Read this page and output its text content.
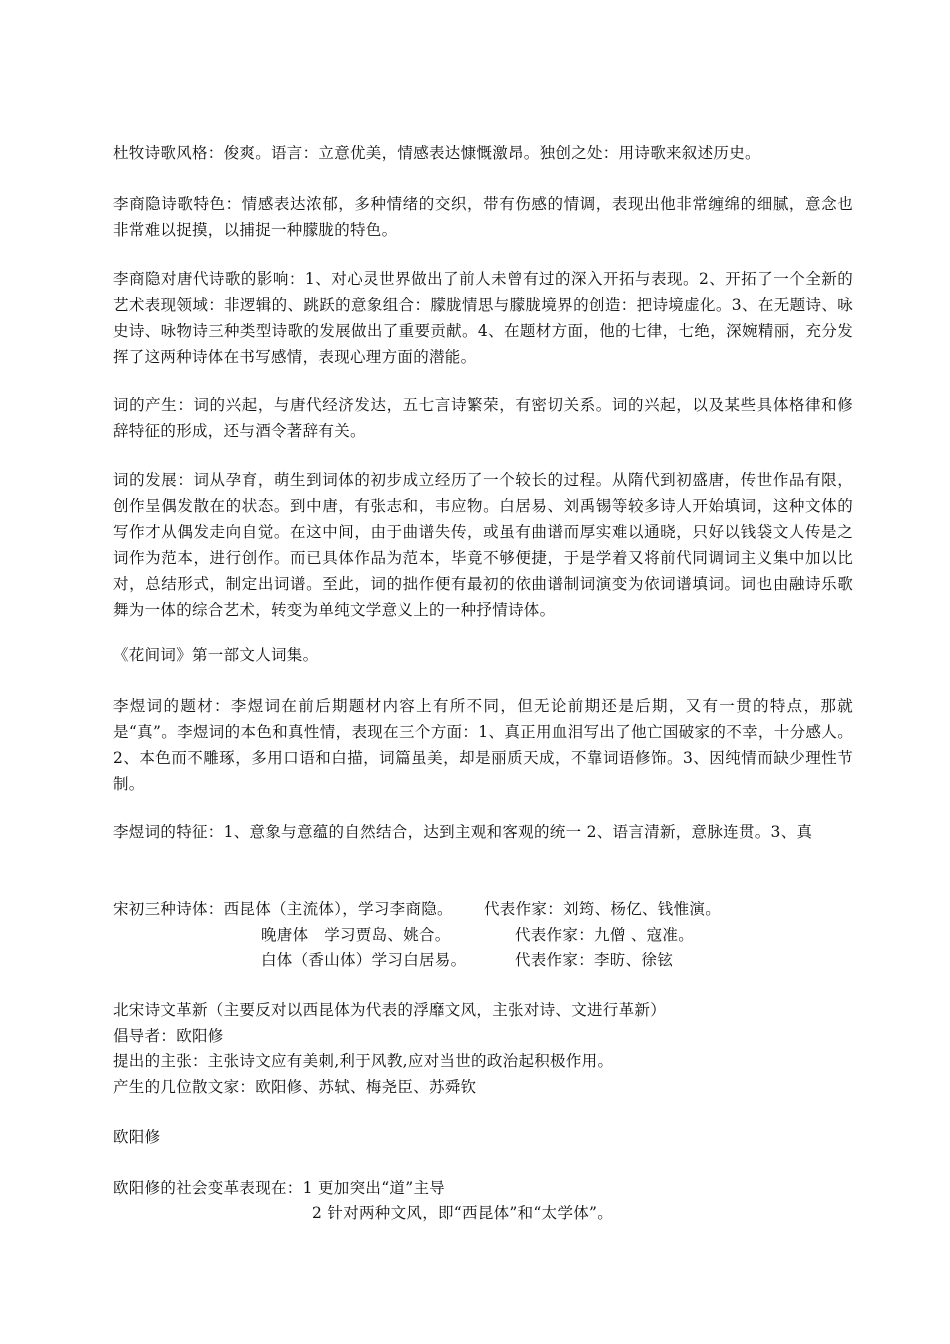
杜牧诗歌风格：俊爽。语言：立意优美，情感表达慷慨激昂。独创之处：用诗歌来叙述历史。

李商隐诗歌特色：情感表达浓郁，多种情绪的交织，带有伤感的情调，表现出他非常缠绵的细腻，意念也非常难以捉摸，以捕捉一种朦胧的特色。

李商隐对唐代诗歌的影响：1、对心灵世界做出了前人未曾有过的深入开拓与表现。2、开拓了一个全新的艺术表现领域：非逻辑的、跳跃的意象组合：朦胧情思与朦胧境界的创造：把诗境虚化。3、在无题诗、咏史诗、咏物诗三种类型诗歌的发展做出了重要贡献。4、在题材方面，他的七律，七绝，深婉精丽，充分发挥了这两种诗体在书写感情，表现心理方面的潜能。

词的产生：词的兴起，与唐代经济发达，五七言诗繁荣，有密切关系。词的兴起，以及某些具体格律和修辞特征的形成，还与酒令著辞有关。

词的发展：词从孕育，萌生到词体的初步成立经历了一个较长的过程。从隋代到初盛唐，传世作品有限，创作呈偶发散在的状态。到中唐，有张志和，韦应物。白居易、刘禹锡等较多诗人开始填词，这种文体的写作才从偶发走向自觉。在这中间，由于曲谱失传，或虽有曲谱而厚实难以通晓，只好以钱袋文人传是之词作为范本，进行创作。而已具体作品为范本，毕竟不够便捷，于是学着又将前代同调词主义集中加以比对，总结形式，制定出词谱。至此，词的拙作便有最初的依曲谱制词演变为依词谱填词。词也由融诗乐歌舞为一体的综合艺术，转变为单纯文学意义上的一种抒情诗体。

《花间词》第一部文人词集。

李煜词的题材：李煜词在前后期题材内容上有所不同，但无论前期还是后期，又有一贯的特点，那就是“真”。李煜词的本色和真性情，表现在三个方面：1、真正用血泪写出了他亡国破家的不幸，十分感人。2、本色而不雕琢，多用口语和白描，词篇虽美，却是丽质天成，不靠词语修饰。3、因纯情而缺少理性节制。

李煜词的特征：1、意象与意蕴的自然结合，达到主观和客观的统一 2、语言清新，意脉连贯。3、真

宋初三种诗体：西昆体（主流体），学习李商隐。 代表作家：刘筠、杨亿、钱惟演。

晚唐体　学习贾岛、姚合。	代表作家：九僧 、寇准。

白体（香山体）学习白居易。	代表作家：李昉、徐铉

北宋诗文革新（主要反对以西昆体为代表的浮靡文风，主张对诗、文进行革新）

倡导者：欧阳修

提出的主张：主张诗文应有美刺,利于风教,应对当世的政治起积极作用。

产生的几位散文家：欧阳修、苏轼、梅尧臣、苏舜钦

欧阳修

欧阳修的社会变革表现在：1 更加突出“道”主导

2 针对两种文风，即“西昆体”和“太学体”。
